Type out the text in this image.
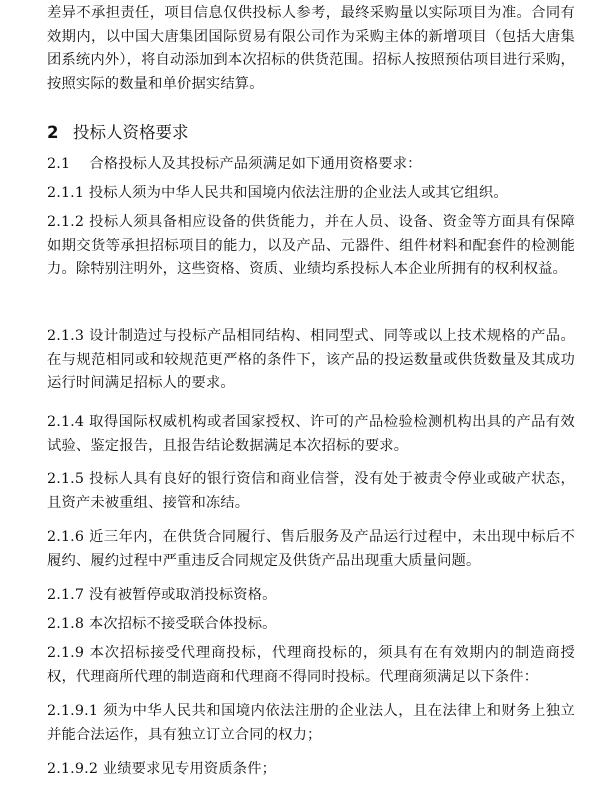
差异不承担责任，项目信息仅供投标人参考，最终采购量以实际项目为准。合同有效期内，以中国大唐集团国际贸易有限公司作为采购主体的新增项目（包括大唐集团系统内外），将自动添加到本次招标的供货范围。招标人按照预估项目进行采购，按照实际的数量和单价据实结算。

2 投标人资格要求

2.1　 合格投标人及其投标产品须满足如下通用资格要求：

2.1.1 投标人须为中华人民共和国境内依法注册的企业法人或其它组织。

2.1.2 投标人须具备相应设备的供货能力，并在人员、设备、资金等方面具有保障如期交货等承担招标项目的能力，以及产品、元器件、组件材料和配套件的检测能力。除特别注明外，这些资格、资质、业绩均系投标人本企业所拥有的权利权益。

2.1.3 设计制造过与投标产品相同结构、相同型式、同等或以上技术规格的产品。在与规范相同或和较规范更严格的条件下，该产品的投运数量或供货数量及其成功运行时间满足招标人的要求。

2.1.4 取得国际权威机构或者国家授权、许可的产品检验检测机构出具的产品有效试验、鉴定报告，且报告结论数据满足本次招标的要求。

2.1.5 投标人具有良好的银行资信和商业信誉，没有处于被责令停业或破产状态，且资产未被重组、接管和冻结。

2.1.6 近三年内，在供货合同履行、售后服务及产品运行过程中，未出现中标后不履约、履约过程中严重违反合同规定及供货产品出现重大质量问题。

2.1.7 没有被暂停或取消投标资格。

2.1.8 本次招标不接受联合体投标。

2.1.9 本次招标接受代理商投标，代理商投标的，须具有在有效期内的制造商授权，代理商所代理的制造商和代理商不得同时投标。代理商须满足以下条件：

2.1.9.1 须为中华人民共和国境内依法注册的企业法人，且在法律上和财务上独立并能合法运作，具有独立订立合同的权力；

2.1.9.2 业绩要求见专用资质条件；
